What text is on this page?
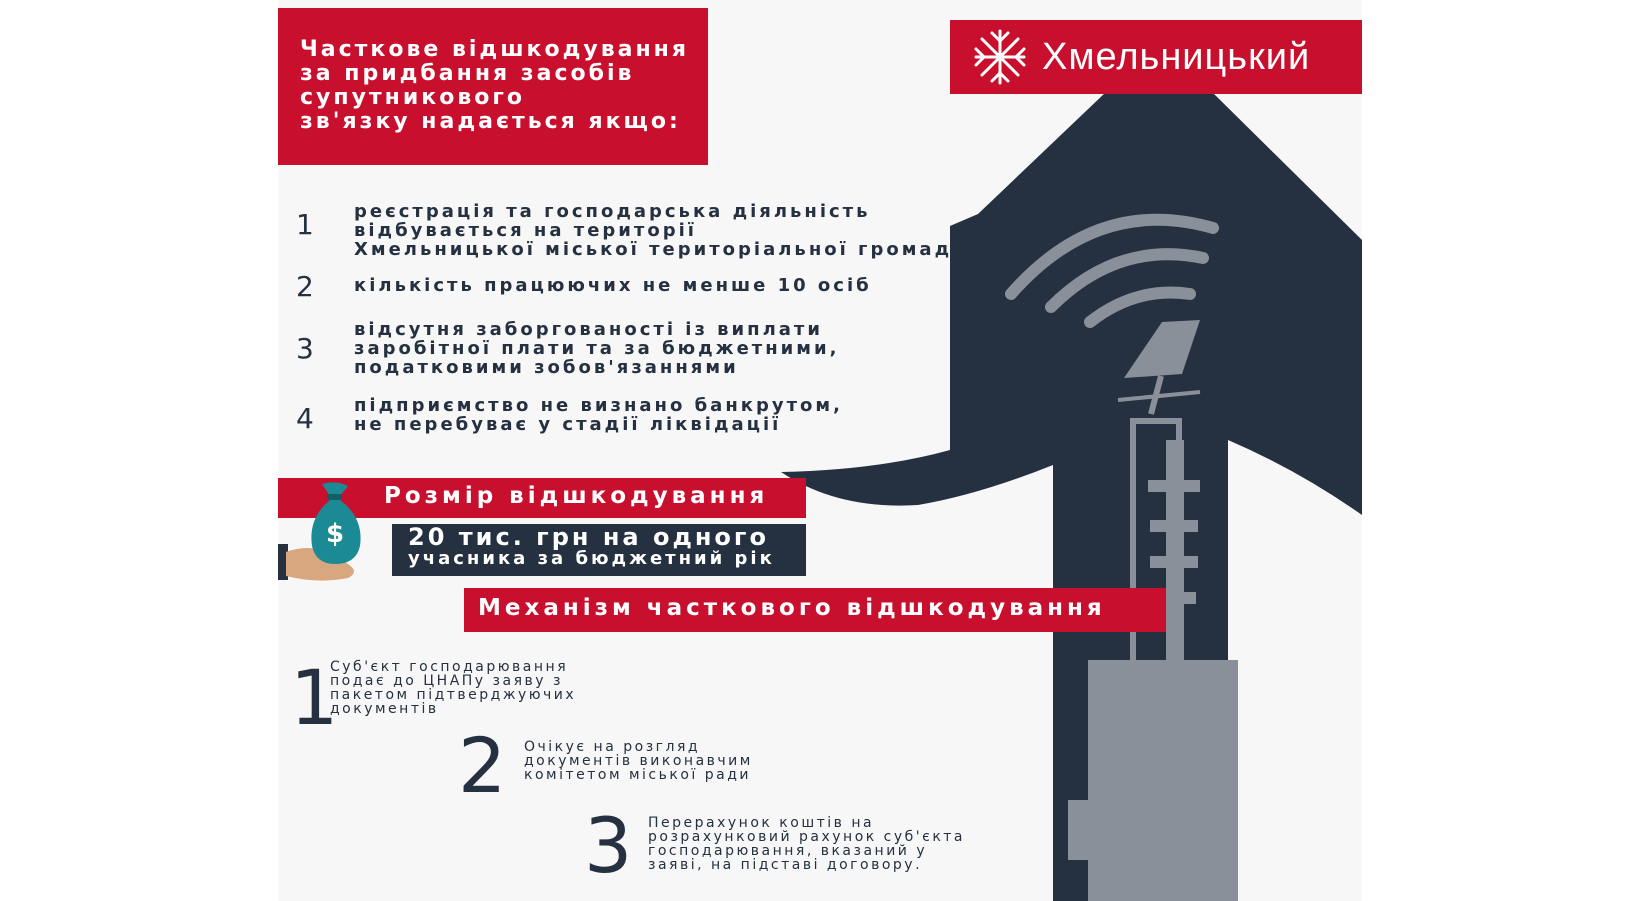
Часткове відшкодування
за придбання засобів
супутникового
зв'язку надається якщо:
Хмельницький
1	реєстрація та господарська діяльність
відбувається на території
Хмельницької міської територіальної громади
2	кількість працюючих не менше 10 осіб
3
відсутня заборгованості із виплати
заробітної плати та за бюджетними,
податковими зобов'язаннями
4	підприємство не визнано банкрутом,
не перебуває у стадії ліквідації
Розмір відшкодування
20 тис. грн на одного
учасника за бюджетний рік
$
Механізм часткового відшкодування
1
Суб'єкт господарювання
подає до ЦНАПу заяву з
пакетом підтверджуючих
документів
2 Очікує на розгляд
документів виконавчим
комітетом міської ради
3 Перерахунок коштів на
розрахунковий рахунок суб'єкта
господарювання, вказаний у
заяві, на підставі договору.
